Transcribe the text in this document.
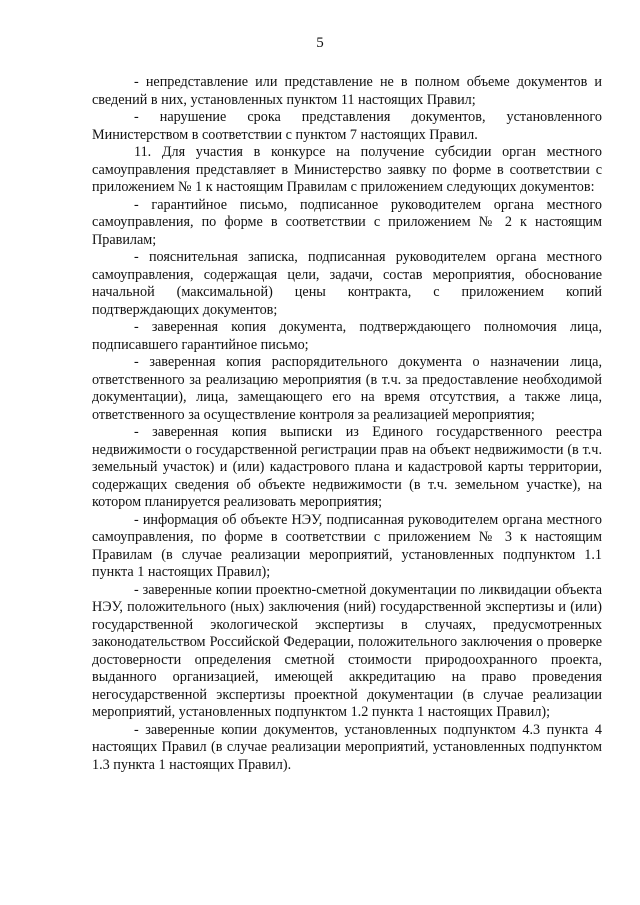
5

- непредставление или представление не в полном объеме документов и сведений в них, установленных пунктом 11 настоящих Правил;

- нарушение срока представления документов, установленного Министерством в соответствии с пунктом 7 настоящих Правил.

11. Для участия в конкурсе на получение субсидии орган местного самоуправления представляет в Министерство заявку по форме в соответствии с приложением № 1 к настоящим Правилам с приложением следующих документов:

- гарантийное письмо, подписанное руководителем органа местного самоуправления, по форме в соответствии с приложением № 2 к настоящим Правилам;

- пояснительная записка, подписанная руководителем органа местного самоуправления, содержащая цели, задачи, состав мероприятия, обоснование начальной (максимальной) цены контракта, с приложением копий подтверждающих документов;

- заверенная копия документа, подтверждающего полномочия лица, подписавшего гарантийное письмо;

- заверенная копия распорядительного документа о назначении лица, ответственного за реализацию мероприятия (в т.ч. за предоставление необходимой документации), лица, замещающего его на время отсутствия, а также лица, ответственного за осуществление контроля за реализацией мероприятия;

- заверенная копия выписки из Единого государственного реестра недвижимости о государственной регистрации прав на объект недвижимости (в т.ч. земельный участок) и (или) кадастрового плана и кадастровой карты территории, содержащих сведения об объекте недвижимости (в т.ч. земельном участке), на котором планируется реализовать мероприятия;

- информация об объекте НЭУ, подписанная руководителем органа местного самоуправления, по форме в соответствии с приложением № 3 к настоящим Правилам (в случае реализации мероприятий, установленных подпунктом 1.1 пункта 1 настоящих Правил);

- заверенные копии проектно-сметной документации по ликвидации объекта НЭУ, положительного (ных) заключения (ний) государственной экспертизы и (или) государственной экологической экспертизы в случаях, предусмотренных законодательством Российской Федерации, положительного заключения о проверке достоверности определения сметной стоимости природоохранного проекта, выданного организацией, имеющей аккредитацию на право проведения негосударственной экспертизы проектной документации (в случае реализации мероприятий, установленных подпунктом 1.2 пункта 1 настоящих Правил);

- заверенные копии документов, установленных подпунктом 4.3 пункта 4 настоящих Правил (в случае реализации мероприятий, установленных подпунктом 1.3 пункта 1 настоящих Правил).
